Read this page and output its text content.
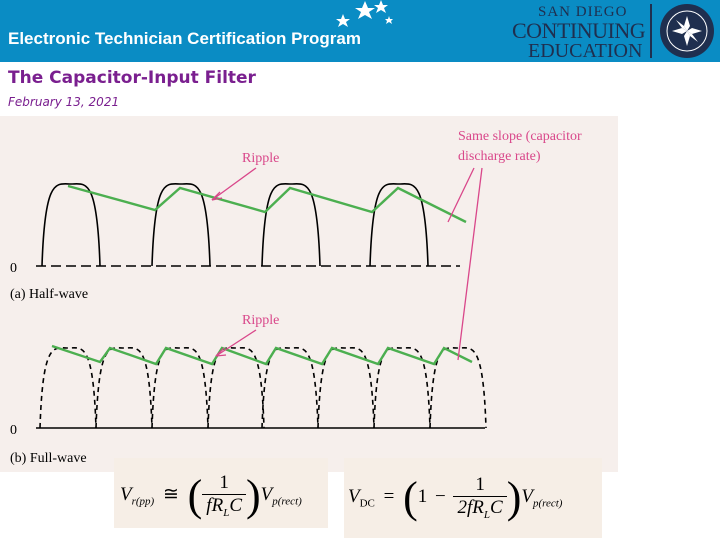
Electronic Technician Certification Program
SAN DIEGO
CONTINUING
EDUCATION
The Capacitor-Input Filter
February 13, 2021
Ripple
Ripple
Same slope (capacitor
discharge rate)
0
0
(a) Half-wave
(b) Full-wave
$V_{r(pp)}$ ≅ ( $\frac{1}{fR_LC} )V_{p(rect)}$ $V_{DC} = (1 - \frac{1}{2fR_LC} )V_{p(rect)}$
